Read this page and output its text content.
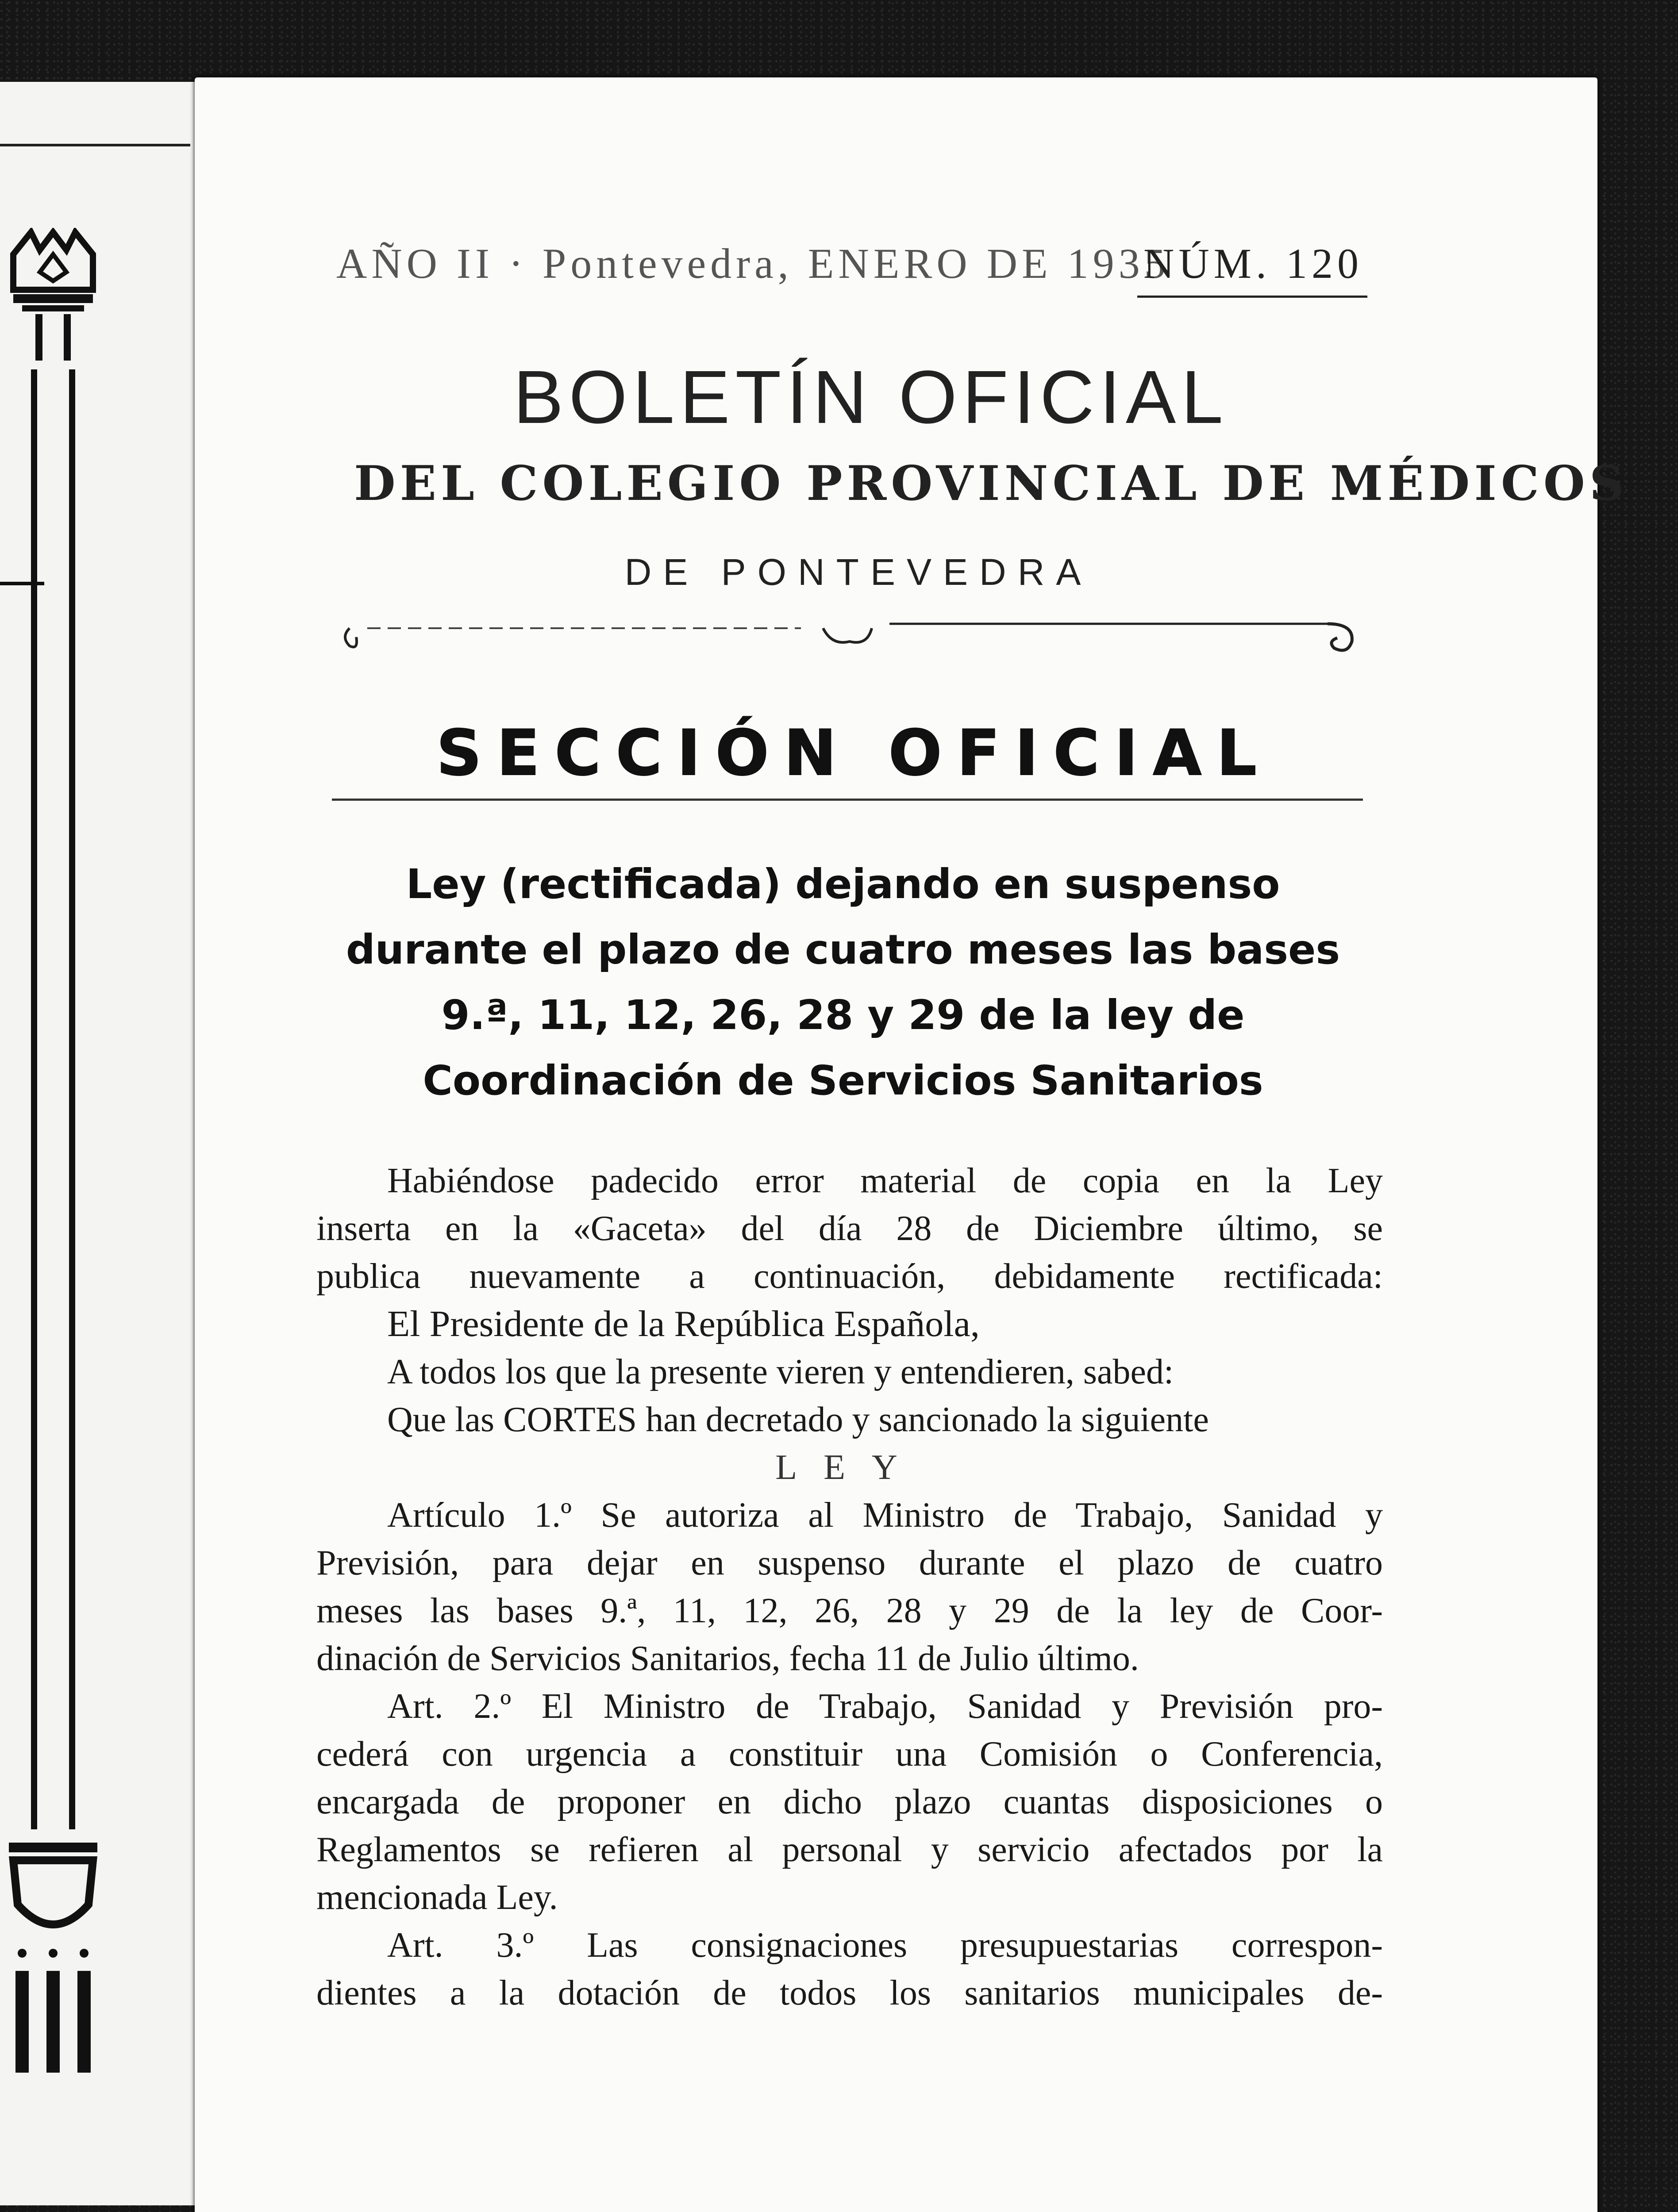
AÑO II · Pontevedra, ENERO DE 1935
NÚM. 120
BOLETÍN OFICIAL
DEL COLEGIO PROVINCIAL DE MÉDICOS
DE PONTEVEDRA
SECCIÓN OFICIAL
Ley (rectificada) dejando en suspenso
durante el plazo de cuatro meses las bases
9.ª, 11, 12, 26, 28 y 29 de la ley de
Coordinación de Servicios Sanitarios

Habiéndose padecido error material de copia en la Ley

inserta en la «Gaceta» del día 28 de Diciembre último, se

publica nuevamente a continuación, debidamente rectificada:

El Presidente de la República Española,

A todos los que la presente vieren y entendieren, sabed:

Que las CORTES han decretado y sancionado la siguiente

LEY

Artículo 1.º Se autoriza al Ministro de Trabajo, Sanidad y

Previsión, para dejar en suspenso durante el plazo de cuatro

meses las bases 9.ª, 11, 12, 26, 28 y 29 de la ley de Coor-

dinación de Servicios Sanitarios, fecha 11 de Julio último.

Art. 2.º El Ministro de Trabajo, Sanidad y Previsión pro-

cederá con urgencia a constituir una Comisión o Conferencia,

encargada de proponer en dicho plazo cuantas disposiciones o

Reglamentos se refieren al personal y servicio afectados por la

mencionada Ley.

Art. 3.º Las consignaciones presupuestarias correspon-

dientes a la dotación de todos los sanitarios municipales de-
